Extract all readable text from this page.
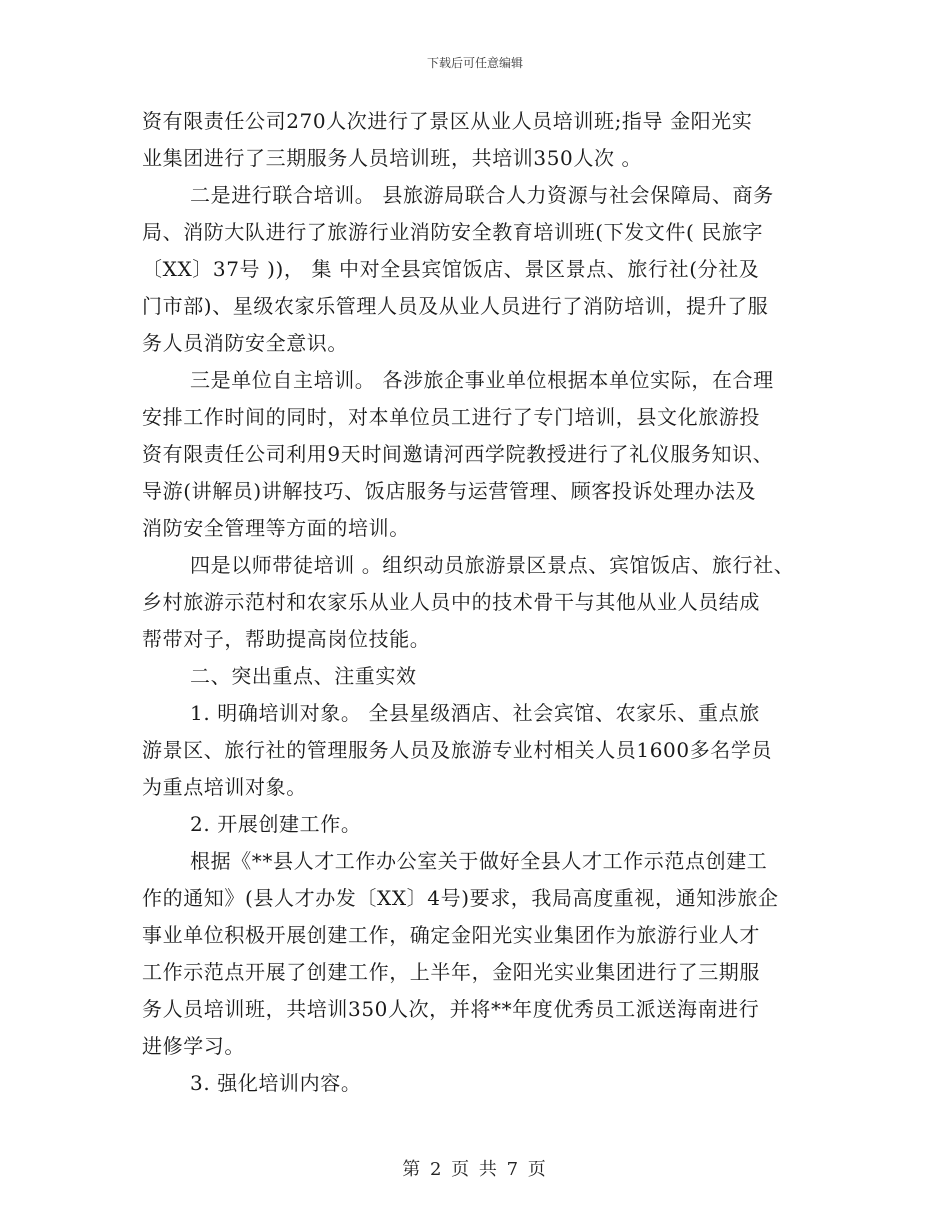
下载后可任意编辑
资有限责任公司270人次进行了景区从业人员培训班;指导 金阳光实
业集团进行了三期服务人员培训班，共培训350人次 。
二是进行联合培训。 县旅游局联合人力资源与社会保障局、商务
局、消防大队进行了旅游行业消防安全教育培训班(下发文件( 民旅字
〔XX〕37号 ))， 集 中对全县宾馆饭店、景区景点、旅行社(分社及
门市部)、星级农家乐管理人员及从业人员进行了消防培训，提升了服
务人员消防安全意识。
三是单位自主培训。 各涉旅企事业单位根据本单位实际，在合理
安排工作时间的同时，对本单位员工进行了专门培训，县文化旅游投
资有限责任公司利用9天时间邀请河西学院教授进行了礼仪服务知识、
导游(讲解员)讲解技巧、饭店服务与运营管理、顾客投诉处理办法及
消防安全管理等方面的培训。
四是以师带徒培训 。组织动员旅游景区景点、宾馆饭店、旅行社、
乡村旅游示范村和农家乐从业人员中的技术骨干与其他从业人员结成
帮带对子，帮助提高岗位技能。
二、突出重点、注重实效
1. 明确培训对象。 全县星级酒店、社会宾馆、农家乐、重点旅
游景区、旅行社的管理服务人员及旅游专业村相关人员1600多名学员
为重点培训对象。
2. 开展创建工作。
根据《**县人才工作办公室关于做好全县人才工作示范点创建工
作的通知》(县人才办发〔XX〕4号)要求，我局高度重视，通知涉旅企
事业单位积极开展创建工作，确定金阳光实业集团作为旅游行业人才
工作示范点开展了创建工作，上半年，金阳光实业集团进行了三期服
务人员培训班，共培训350人次，并将**年度优秀员工派送海南进行
进修学习。
3. 强化培训内容。
第 2 页 共 7 页
